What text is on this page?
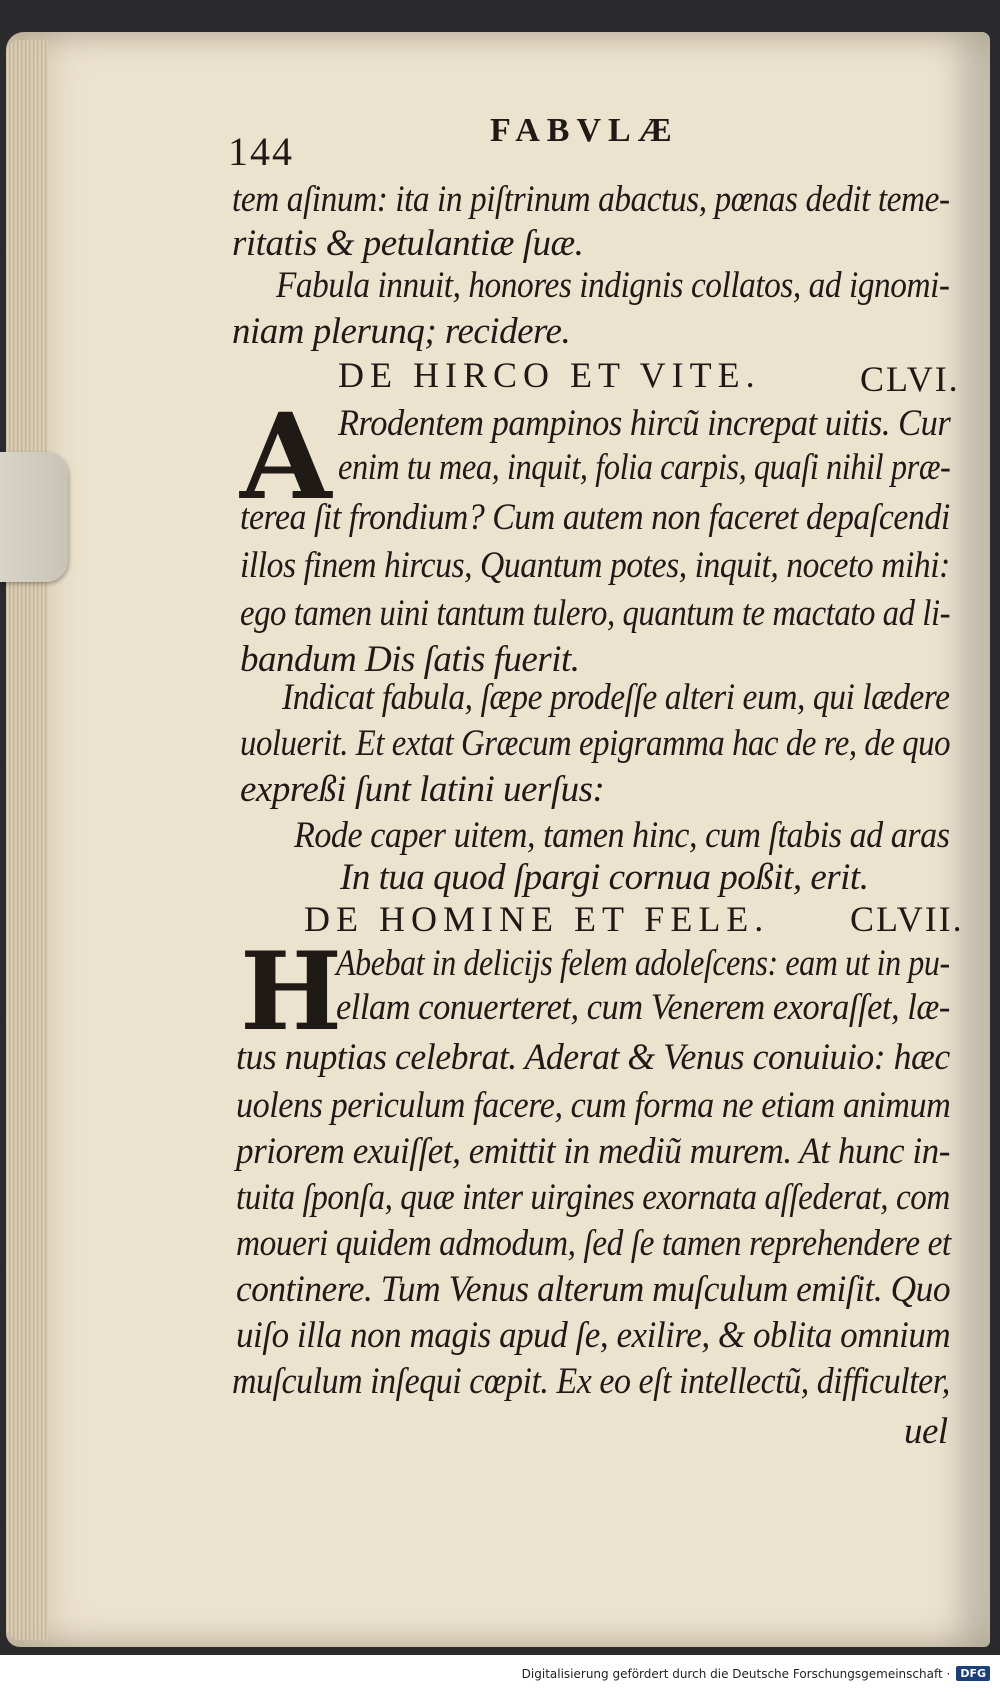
144	FABVLÆ
tem aſinum: ita in piſtrinum abactus, pœnas dedit teme-
ritatis & petulantiæ ſuæ.
Fabula innuit, honores indignis collatos, ad ignomi-
niam plerunq; recidere.
DE HIRCO ET VITE.	CLVI.
A Rrodentem pampinos hircũ increpat uitis. Cur
enim tu mea, inquit, folia carpis, quaſi nihil præ-
terea ſit frondium? Cum autem non faceret depaſcendi
illos finem hircus, Quantum potes, inquit, noceto mihi:
ego tamen uini tantum tulero, quantum te mactato ad li-
bandum Dis ſatis fuerit.
Indicat fabula, ſæpe prodeſſe alteri eum, qui lædere
uoluerit. Et extat Græcum epigramma hac de re, de quo
expreßi ſunt latini uerſus:
Rode caper uitem, tamen hinc, cum ſtabis ad aras
In tua quod ſpargi cornua poßit, erit.
DE HOMINE ET FELE. CLVII.
H
Abebat in delicijs felem adoleſcens: eam ut in pu-
ellam conuerteret, cum Venerem exoraſſet, læ-
tus nuptias celebrat. Aderat & Venus conuiuio: hæc
uolens periculum facere, cum forma ne etiam animum
priorem exuiſſet, emittit in mediũ murem. At hunc in-
tuita ſponſa, quæ inter uirgines exornata aſſederat, com
moueri quidem admodum, ſed ſe tamen reprehendere et
continere. Tum Venus alterum muſculum emiſit. Quo
uiſo illa non magis apud ſe, exilire, & oblita omnium
muſculum inſequi cœpit. Ex eo eſt intellectũ, difficulter,
uel
Digitalisierung gefördert durch die Deutsche Forschungsgemeinschaft · DFG
